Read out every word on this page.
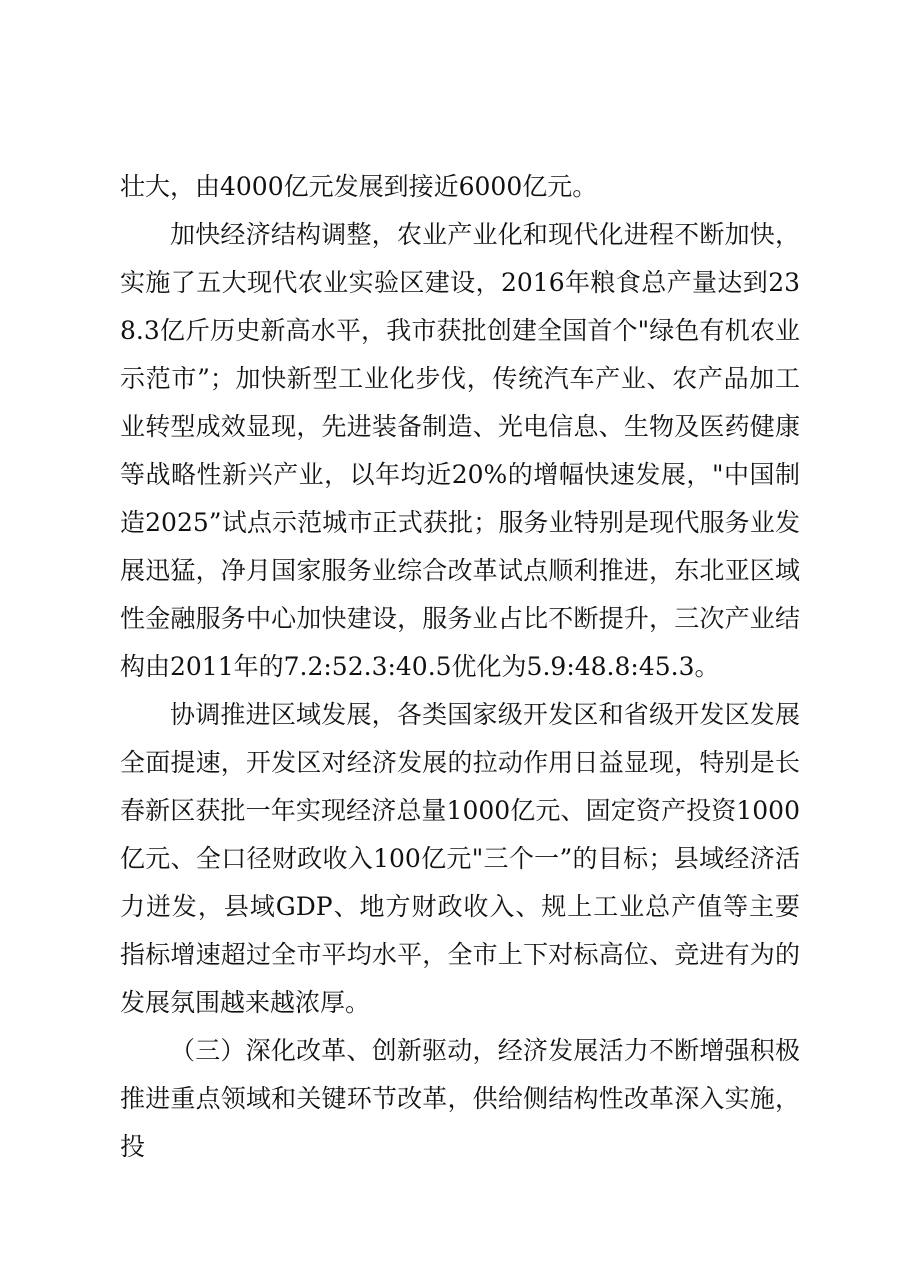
壮大，由4000亿元发展到接近6000亿元。

加快经济结构调整，农业产业化和现代化进程不断加快，实施了五大现代农业实验区建设，2016年粮食总产量达到238.3亿斤历史新高水平，我市获批创建全国首个"绿色有机农业示范市”；加快新型工业化步伐，传统汽车产业、农产品加工业转型成效显现，先进装备制造、光电信息、生物及医药健康等战略性新兴产业，以年均近20%的增幅快速发展，"中国制造2025”试点示范城市正式获批；服务业特别是现代服务业发展迅猛，净月国家服务业综合改革试点顺利推进，东北亚区域性金融服务中心加快建设，服务业占比不断提升，三次产业结构由2011年的7.2:52.3:40.5优化为5.9:48.8:45.3。

协调推进区域发展，各类国家级开发区和省级开发区发展全面提速，开发区对经济发展的拉动作用日益显现，特别是长春新区获批一年实现经济总量1000亿元、固定资产投资1000亿元、全口径财政收入100亿元"三个一”的目标；县域经济活力迸发，县域GDP、地方财政收入、规上工业总产值等主要指标增速超过全市平均水平，全市上下对标高位、竞进有为的发展氛围越来越浓厚。

（三）深化改革、创新驱动，经济发展活力不断增强积极推进重点领域和关键环节改革，供给侧结构性改革深入实施，投
